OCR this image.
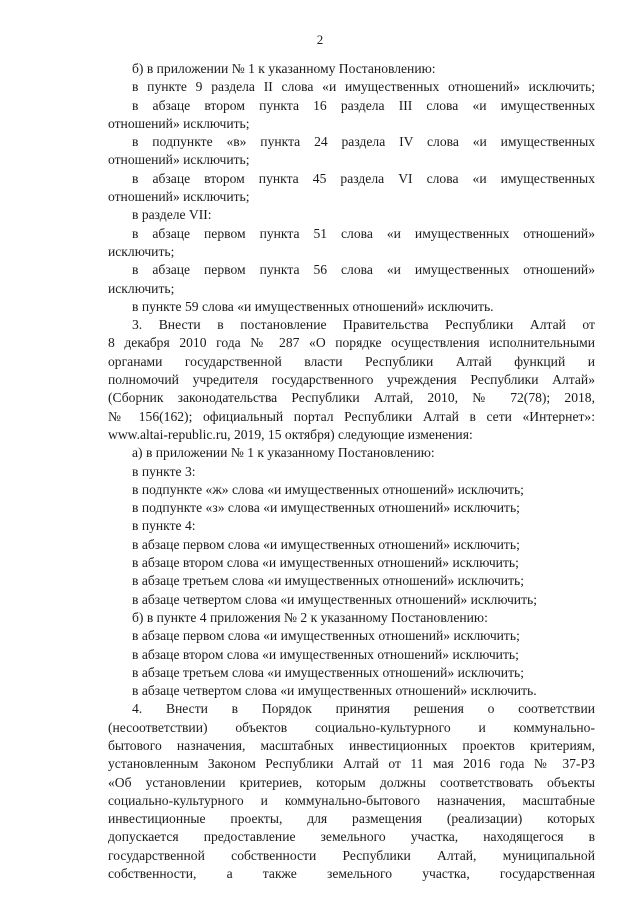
2
б) в приложении № 1 к указанному Постановлению:
в пункте 9 раздела II слова «и имущественных отношений» исключить;
в абзаце втором пункта 16 раздела III слова «и имущественных
отношений» исключить;
в подпункте «в» пункта 24 раздела IV слова «и имущественных
отношений» исключить;
в абзаце втором пункта 45 раздела VI слова «и имущественных
отношений» исключить;
в разделе VII:
в абзаце первом пункта 51 слова «и имущественных отношений»
исключить;
в абзаце первом пункта 56 слова «и имущественных отношений»
исключить;
в пункте 59 слова «и имущественных отношений» исключить.
3. Внести в постановление Правительства Республики Алтай от
8 декабря 2010 года № 287 «О порядке осуществления исполнительными
органами государственной власти Республики Алтай функций и
полномочий учредителя государственного учреждения Республики Алтай»
(Сборник законодательства Республики Алтай, 2010, № 72(78); 2018,
№ 156(162); официальный портал Республики Алтай в сети «Интернет»:
www.altai-republic.ru, 2019, 15 октября) следующие изменения:
а) в приложении № 1 к указанному Постановлению:
в пункте 3:
в подпункте «ж» слова «и имущественных отношений» исключить;
в подпункте «з» слова «и имущественных отношений» исключить;
в пункте 4:
в абзаце первом слова «и имущественных отношений» исключить;
в абзаце втором слова «и имущественных отношений» исключить;
в абзаце третьем слова «и имущественных отношений» исключить;
в абзаце четвертом слова «и имущественных отношений» исключить;
б) в пункте 4 приложения № 2 к указанному Постановлению:
в абзаце первом слова «и имущественных отношений» исключить;
в абзаце втором слова «и имущественных отношений» исключить;
в абзаце третьем слова «и имущественных отношений» исключить;
в абзаце четвертом слова «и имущественных отношений» исключить.
4. Внести в Порядок принятия решения о соответствии
(несоответствии) объектов социально-культурного и коммунально-
бытового назначения, масштабных инвестиционных проектов критериям,
установленным Законом Республики Алтай от 11 мая 2016 года № 37-РЗ
«Об установлении критериев, которым должны соответствовать объекты
социально-культурного и коммунально-бытового назначения, масштабные
инвестиционные проекты, для размещения (реализации) которых
допускается предоставление земельного участка, находящегося в
государственной собственности Республики Алтай, муниципальной
собственности, а также земельного участка, государственная
